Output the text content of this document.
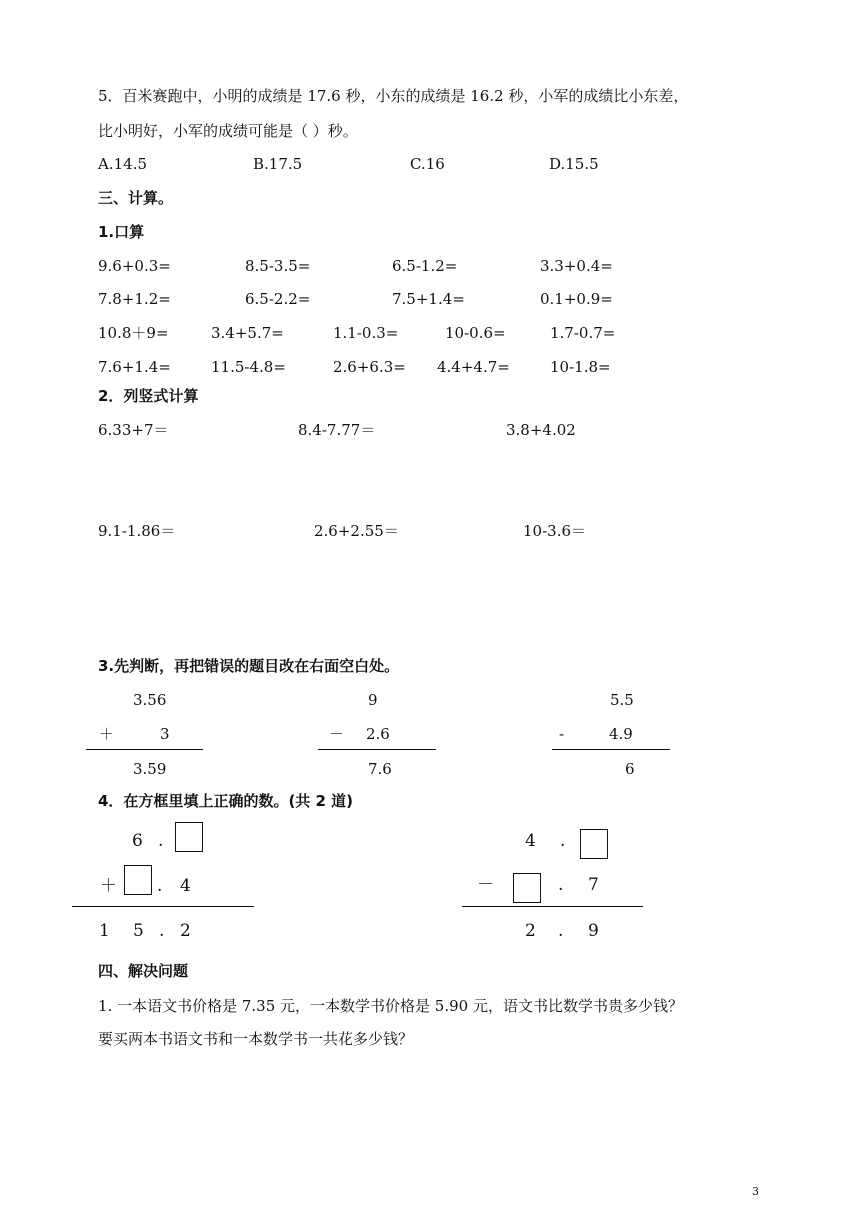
5．百米赛跑中，小明的成绩是 17.6 秒，小东的成绩是 16.2 秒，小军的成绩比小东差，
比小明好，小军的成绩可能是（ ）秒。
A.14.5	B.17.5	C.16	D.15.5
三、计算。
1.口算
9.6+0.3=	8.5-3.5=	6.5-1.2=	3.3+0.4=
7.8+1.2=	6.5-2.2=	7.5+1.4=	0.1+0.9=
10.8＋9=	3.4+5.7=	1.1-0.3=	10-0.6=	1.7-0.7=
7.6+1.4=	11.5-4.8=	2.6+6.3= 4.4+4.7=	10-1.8=
2．列竖式计算
6.33+7＝	8.4-7.77＝	3.8+4.02
9.1-1.86＝	2.6+2.55＝	10-3.6＝
3.先判断，再把错误的题目改在右面空白处。
3.56
＋	3
3.59
9
－ 2.6
7.6
5.5
-	4.9
6
4．在方框里填上正确的数。(共 2 道)
6 .
＋ . 4
1 5 . 2
4 .
－	. 7
2 . 9
四、解决问题
1. 一本语文书价格是 7.35 元，一本数学书价格是 5.90 元，语文书比数学书贵多少钱？
要买两本书语文书和一本数学书一共花多少钱？
3
